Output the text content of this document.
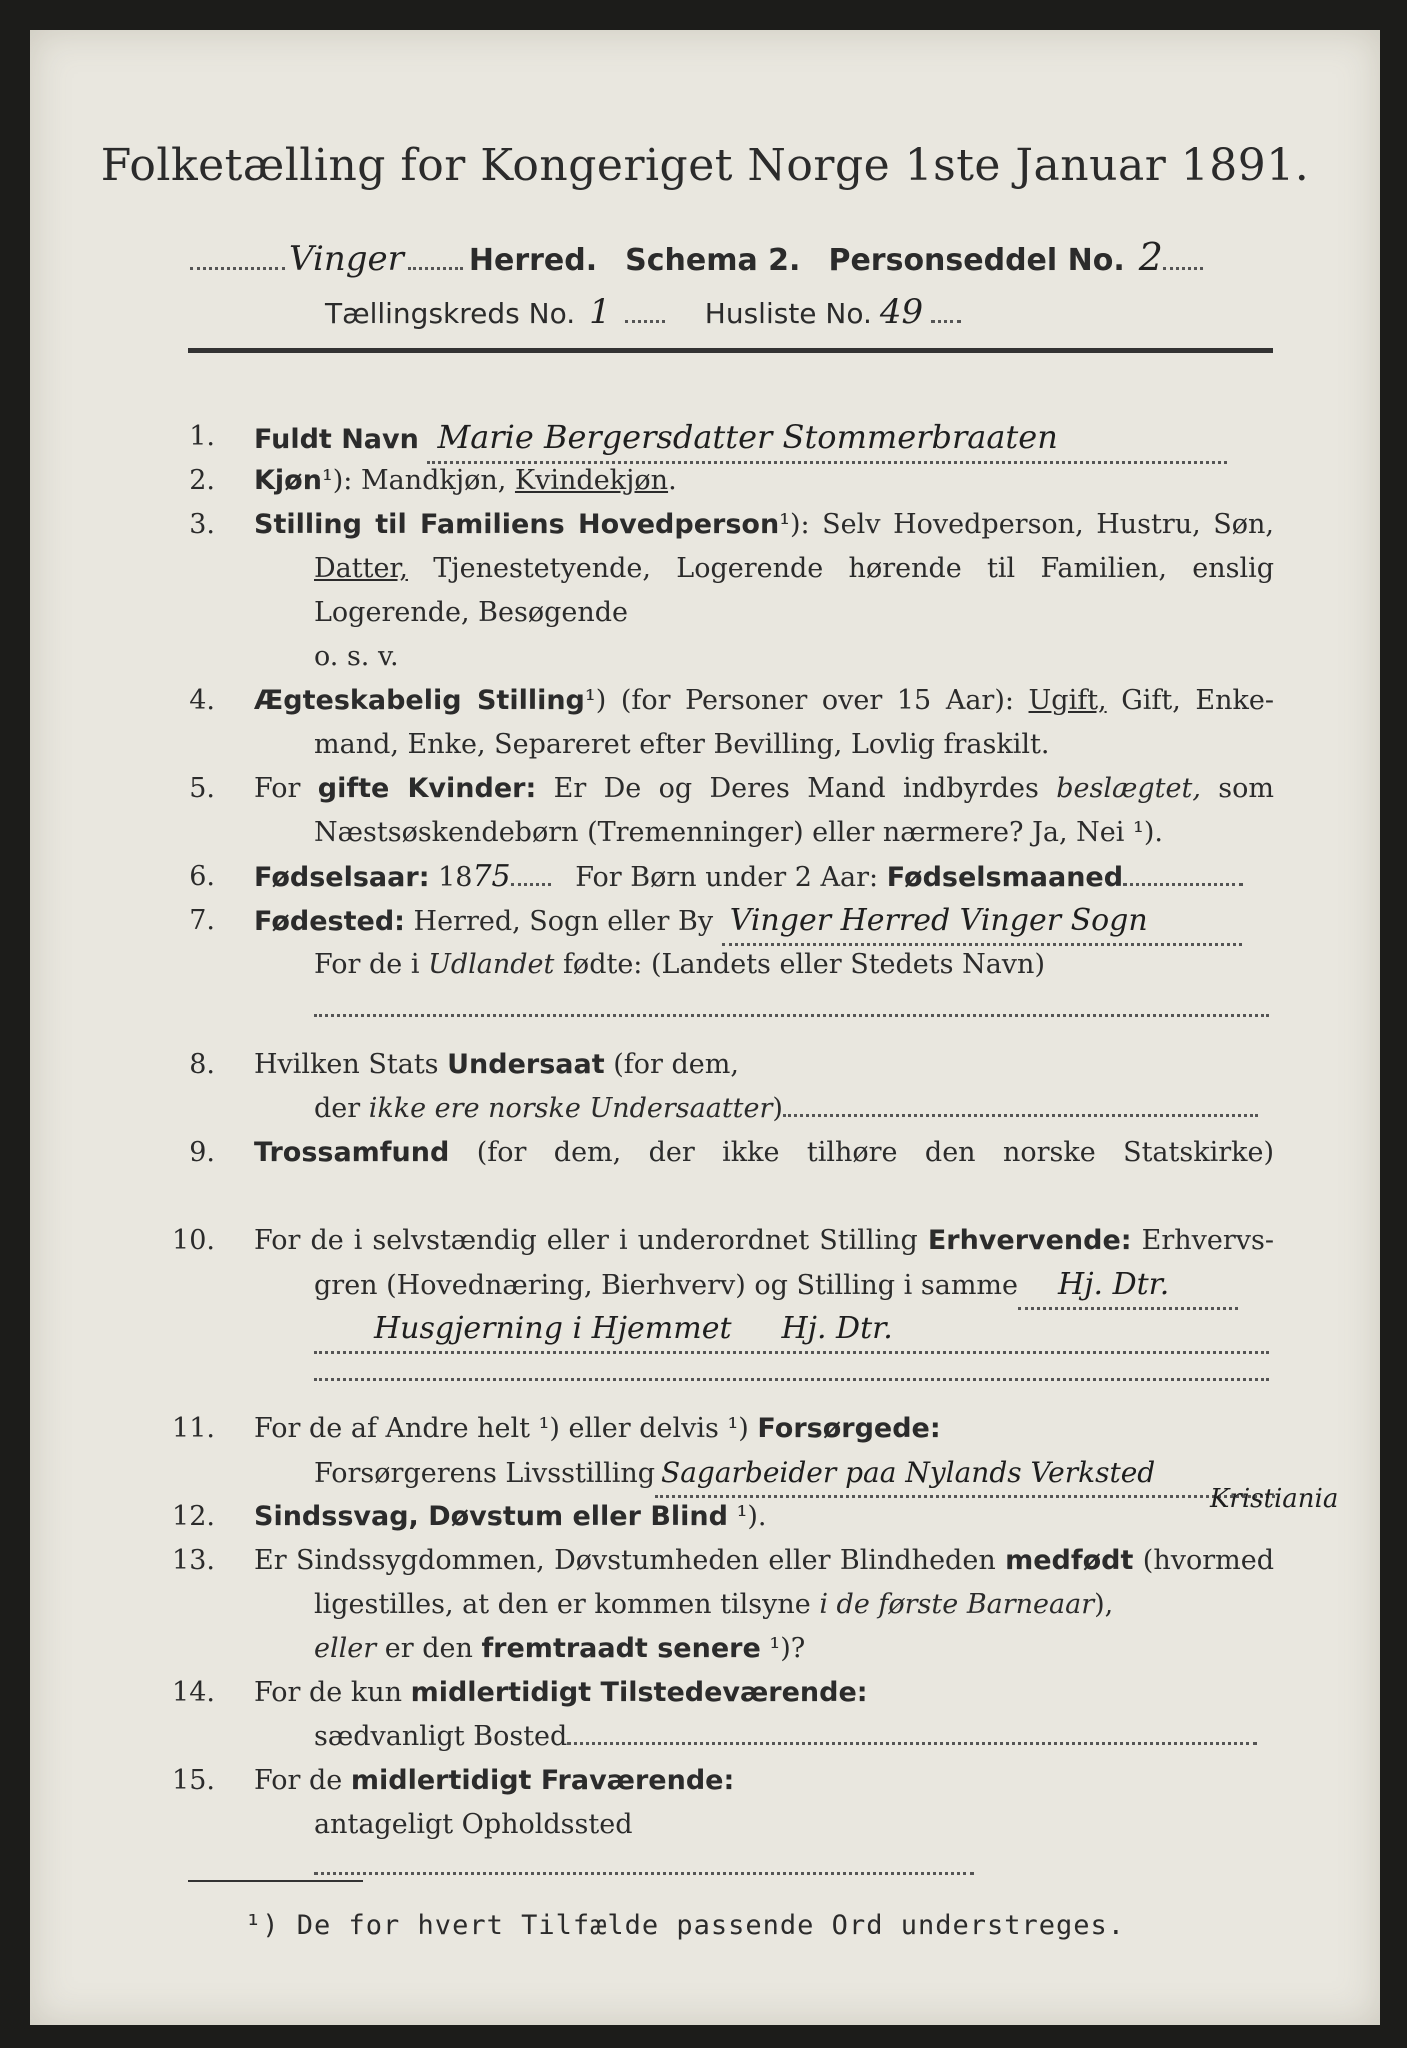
Folketælling for Kongeriget Norge 1ste Januar 1891.
Vinger Herred. Schema 2. Personseddel No. 2
Tællingskreds No. 1	Husliste No. 49
1. Fuldt Navn Marie Bergersdatter Stommerbraaten
2. Kjøn¹): Mandkjøn, Kvindekjøn.
3. Stilling til Familiens Hovedperson¹): Selv Hovedperson, Hustru, Søn,
Datter, Tjenestetyende, Logerende hørende til Familien, enslig
Logerende, Besøgende
o. s. v.
4. Ægteskabelig Stilling¹) (for Personer over 15 Aar): Ugift, Gift, Enke-
mand, Enke, Separeret efter Bevilling, Lovlig fraskilt.
5. For gifte Kvinder: Er De og Deres Mand indbyrdes beslægtet, som
Næstsøskendebørn (Tremenninger) eller nærmere? Ja, Nei ¹).
6. Fødselsaar: 1875 For Børn under 2 Aar: Fødselsmaaned
7. Fødested: Herred, Sogn eller By Vinger Herred Vinger Sogn
For de i Udlandet fødte: (Landets eller Stedets Navn)
8. Hvilken Stats Undersaat (for dem,
der ikke ere norske Undersaatter)
9. Trossamfund (for dem, der ikke tilhøre den norske Statskirke)
10. For de i selvstændig eller i underordnet Stilling Erhvervende: Erhvervs-
gren (Hovednæring, Bierhverv) og Stilling i samme Hj. Dtr.
Husgjerning i Hjemmet Hj. Dtr.
11. For de af Andre helt ¹) eller delvis ¹) Forsørgede:
Forsørgerens Livsstilling Sagarbeider paa Nylands Verksted
Kristiania
12. Sindssvag, Døvstum eller Blind ¹).
13. Er Sindssygdommen, Døvstumheden eller Blindheden medfødt (hvormed
ligestilles, at den er kommen tilsyne i de første Barneaar),
eller er den fremtraadt senere ¹)?
14. For de kun midlertidigt Tilstedeværende:
sædvanligt Bosted
15. For de midlertidigt Fraværende:
antageligt Opholdssted
¹) De for hvert Tilfælde passende Ord understreges.
